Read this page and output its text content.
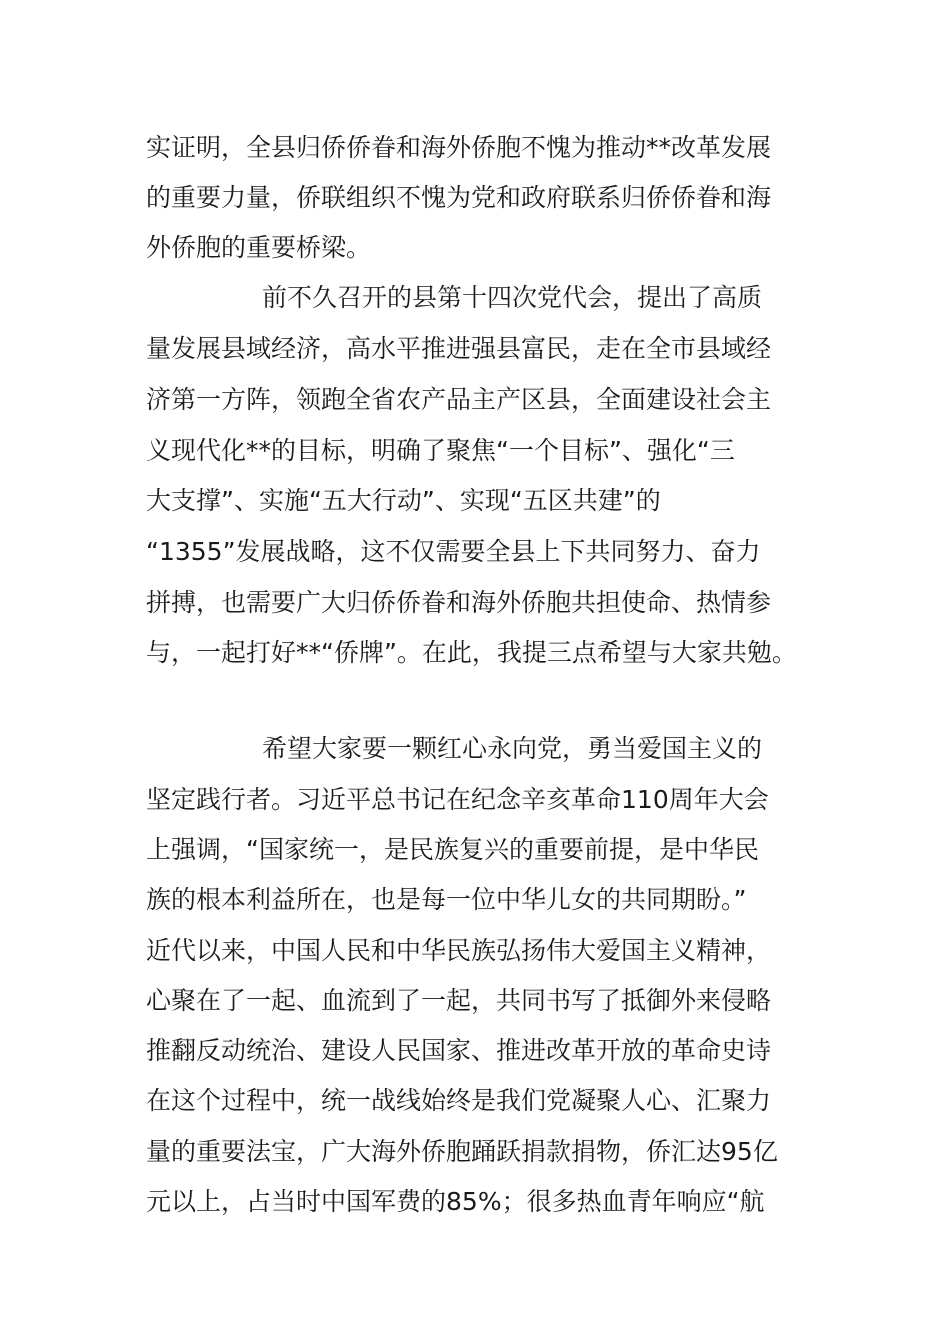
实证明，全县归侨侨眷和海外侨胞不愧为推动**改革发展

的重要力量，侨联组织不愧为党和政府联系归侨侨眷和海

外侨胞的重要桥梁。

前不久召开的县第十四次党代会，提出了高质

量发展县域经济，高水平推进强县富民，走在全市县域经

济第一方阵，领跑全省农产品主产区县，全面建设社会主

义现代化**的目标，明确了聚焦“一个目标”、强化“三

大支撑”、实施“五大行动”、实现“五区共建”的

“1355”发展战略，这不仅需要全县上下共同努力、奋力

拼搏，也需要广大归侨侨眷和海外侨胞共担使命、热情参

与，一起打好**“侨牌”。在此，我提三点希望与大家共勉。

希望大家要一颗红心永向党，勇当爱国主义的

坚定践行者。习近平总书记在纪念辛亥革命110周年大会

上强调，“国家统一，是民族复兴的重要前提，是中华民

族的根本利益所在，也是每一位中华儿女的共同期盼。”

近代以来，中国人民和中华民族弘扬伟大爱国主义精神，

心聚在了一起、血流到了一起，共同书写了抵御外来侵略

推翻反动统治、建设人民国家、推进改革开放的革命史诗

在这个过程中，统一战线始终是我们党凝聚人心、汇聚力

量的重要法宝，广大海外侨胞踊跃捐款捐物，侨汇达95亿

元以上，占当时中国军费的85%；很多热血青年响应“航
